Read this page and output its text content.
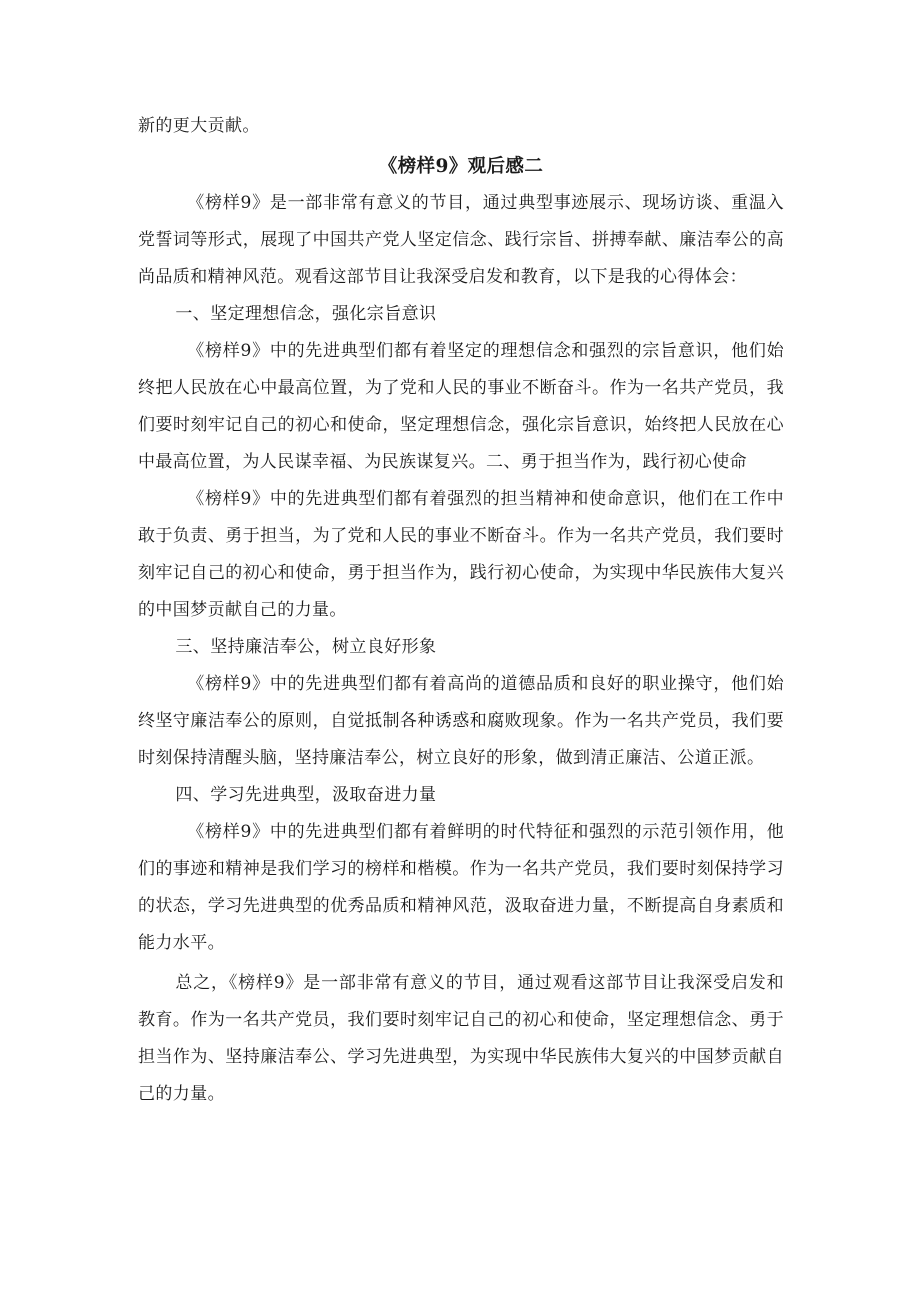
新的更大贡献。

《榜样9》观后感二

《榜样9》是一部非常有意义的节目，通过典型事迹展示、现场访谈、重温入党誓词等形式，展现了中国共产党人坚定信念、践行宗旨、拼搏奉献、廉洁奉公的高尚品质和精神风范。观看这部节目让我深受启发和教育，以下是我的心得体会：

一、坚定理想信念，强化宗旨意识

《榜样9》中的先进典型们都有着坚定的理想信念和强烈的宗旨意识，他们始终把人民放在心中最高位置，为了党和人民的事业不断奋斗。作为一名共产党员，我们要时刻牢记自己的初心和使命，坚定理想信念，强化宗旨意识，始终把人民放在心中最高位置，为人民谋幸福、为民族谋复兴。二、勇于担当作为，践行初心使命

《榜样9》中的先进典型们都有着强烈的担当精神和使命意识，他们在工作中敢于负责、勇于担当，为了党和人民的事业不断奋斗。作为一名共产党员，我们要时刻牢记自己的初心和使命，勇于担当作为，践行初心使命，为实现中华民族伟大复兴的中国梦贡献自己的力量。

三、坚持廉洁奉公，树立良好形象

《榜样9》中的先进典型们都有着高尚的道德品质和良好的职业操守，他们始终坚守廉洁奉公的原则，自觉抵制各种诱惑和腐败现象。作为一名共产党员，我们要时刻保持清醒头脑，坚持廉洁奉公，树立良好的形象，做到清正廉洁、公道正派。

四、学习先进典型，汲取奋进力量

《榜样9》中的先进典型们都有着鲜明的时代特征和强烈的示范引领作用，他们的事迹和精神是我们学习的榜样和楷模。作为一名共产党员，我们要时刻保持学习的状态，学习先进典型的优秀品质和精神风范，汲取奋进力量，不断提高自身素质和能力水平。

总之，《榜样9》是一部非常有意义的节目，通过观看这部节目让我深受启发和教育。作为一名共产党员，我们要时刻牢记自己的初心和使命，坚定理想信念、勇于担当作为、坚持廉洁奉公、学习先进典型，为实现中华民族伟大复兴的中国梦贡献自己的力量。
